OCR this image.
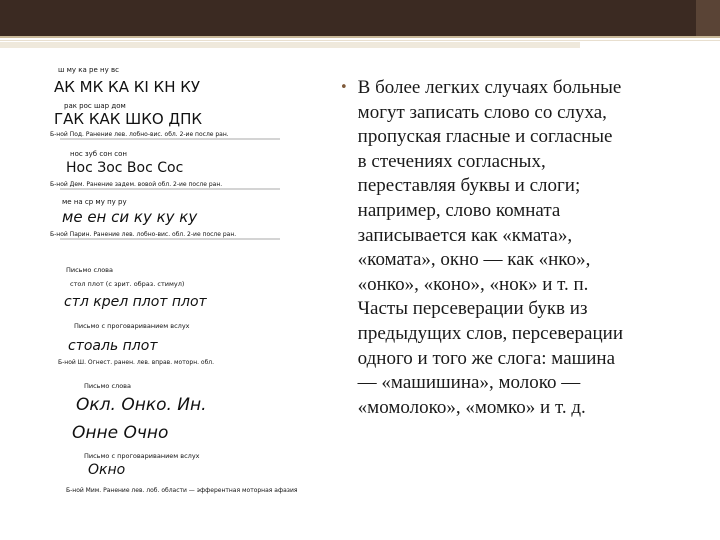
ш му ка ре ну вс
АК МК КА КІ КН КУ
рак рос шар дом
ГАК КАК ШКО ДПК
Б-ной Под. Ранение лев. лобно-вис. обл. 2-ие после ран.
нос зуб сон сон
Нос Зос Вос Сос
Б-ной Дем. Ранение задем. вовой обл. 2-ие после ран.
ме на ср му пу ру
ме ен си ку ку ку
Б-ной Парин. Ранение лев. лобно-вис. обл. 2-ие после ран.
Письмо слова
стол плот (с зрит. образ. стимул)
стл крел плот плот
Письмо с проговариванием вслух
стоаль плот
Б-ной Ш. Огнест. ранен. лев. вправ. моторн. обл.
Письмо слова
Окл. Онко. Ин.
Онне Очно
Письмо с проговариванием вслух
Окно
Б-ной Мим. Ранение лев. лоб. области — эфферентная моторная афазия
• В более легких случаях больные
могут записать слово со слуха,
пропуская гласные и согласные
в стечениях согласных,
переставляя буквы и слоги;
например, слово комната
записывается как «кмата»,
«комата», окно — как «нко»,
«онко», «коно», «нок» и т. п.
Часты персеверации букв из
предыдущих слов, персеверации
одного и того же слога: машина
— «машишина», молоко —
«момолоко», «момко» и т. д.
